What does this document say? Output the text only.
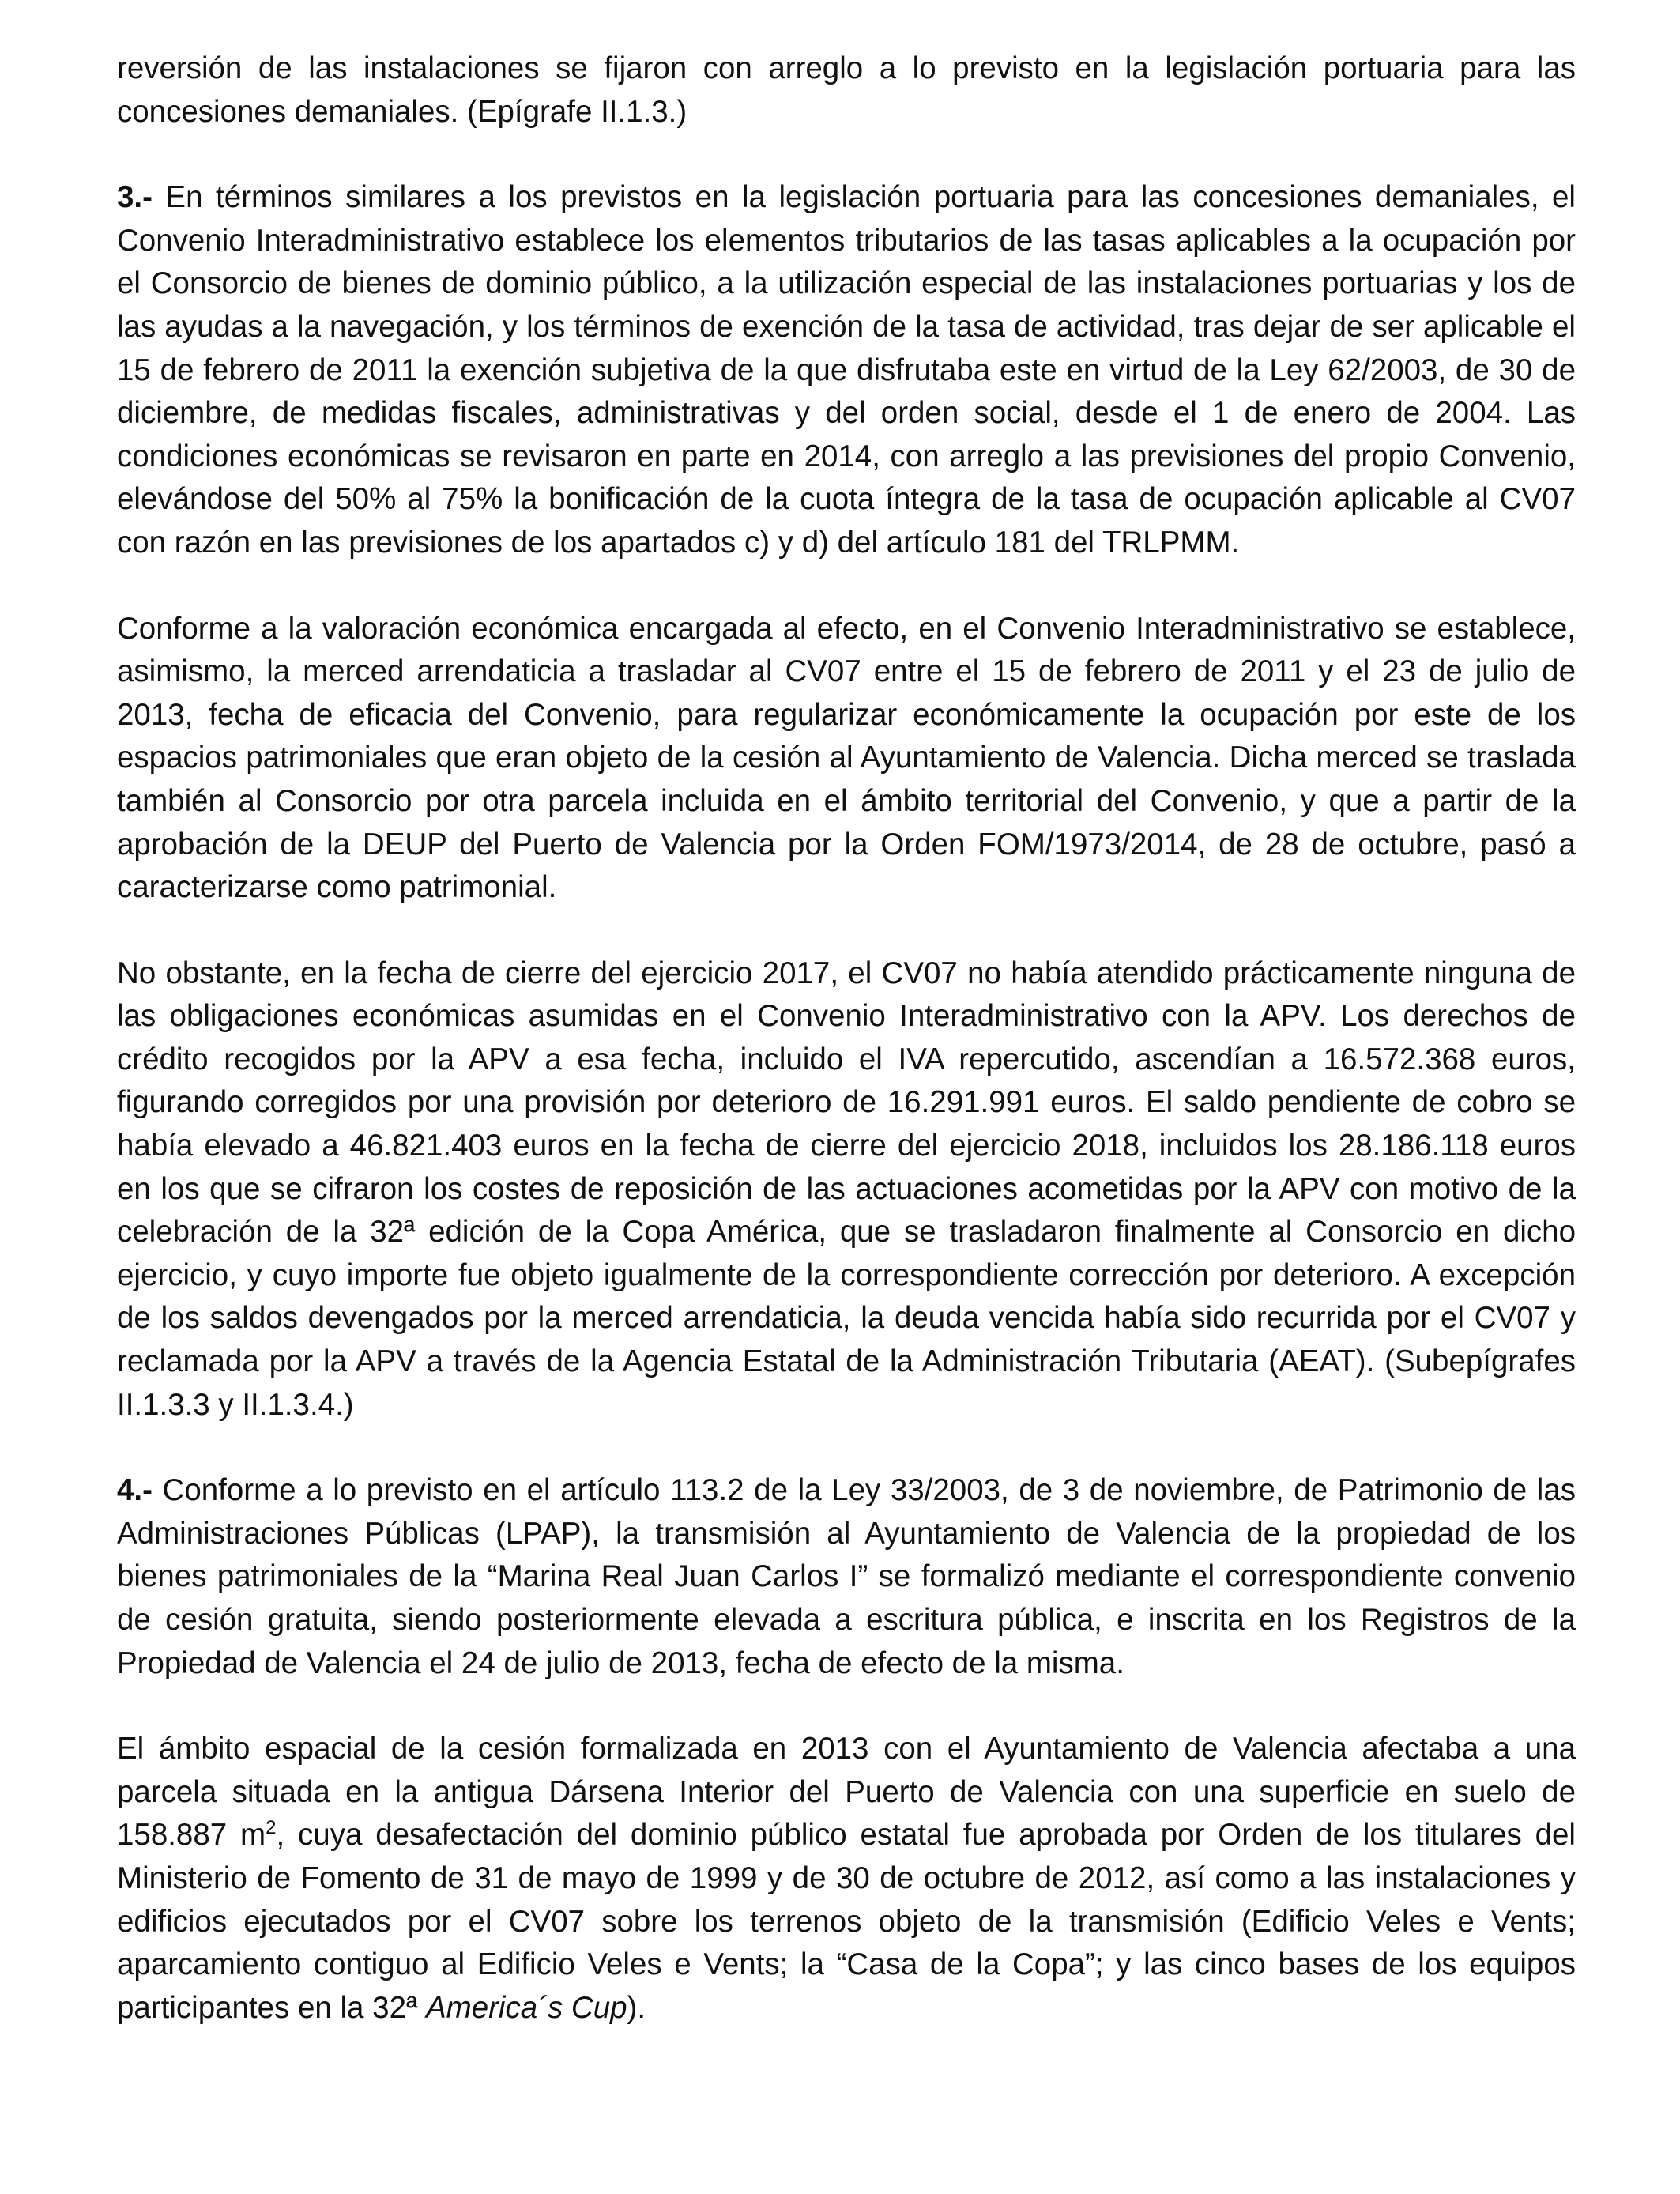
reversión de las instalaciones se fijaron con arreglo a lo previsto en la legislación portuaria para las concesiones demaniales. (Epígrafe II.1.3.)

3.- En términos similares a los previstos en la legislación portuaria para las concesiones demaniales, el Convenio Interadministrativo establece los elementos tributarios de las tasas aplicables a la ocupación por el Consorcio de bienes de dominio público, a la utilización especial de las instalaciones portuarias y los de las ayudas a la navegación, y los términos de exención de la tasa de actividad, tras dejar de ser aplicable el 15 de febrero de 2011 la exención subjetiva de la que disfrutaba este en virtud de la Ley 62/2003, de 30 de diciembre, de medidas fiscales, administrativas y del orden social, desde el 1 de enero de 2004. Las condiciones económicas se revisaron en parte en 2014, con arreglo a las previsiones del propio Convenio, elevándose del 50% al 75% la bonificación de la cuota íntegra de la tasa de ocupación aplicable al CV07 con razón en las previsiones de los apartados c) y d) del artículo 181 del TRLPMM.

Conforme a la valoración económica encargada al efecto, en el Convenio Interadministrativo se establece, asimismo, la merced arrendaticia a trasladar al CV07 entre el 15 de febrero de 2011 y el 23 de julio de 2013, fecha de eficacia del Convenio, para regularizar económicamente la ocupación por este de los espacios patrimoniales que eran objeto de la cesión al Ayuntamiento de Valencia. Dicha merced se traslada también al Consorcio por otra parcela incluida en el ámbito territorial del Convenio, y que a partir de la aprobación de la DEUP del Puerto de Valencia por la Orden FOM/1973/2014, de 28 de octubre, pasó a caracterizarse como patrimonial.

No obstante, en la fecha de cierre del ejercicio 2017, el CV07 no había atendido prácticamente ninguna de las obligaciones económicas asumidas en el Convenio Interadministrativo con la APV. Los derechos de crédito recogidos por la APV a esa fecha, incluido el IVA repercutido, ascendían a 16.572.368 euros, figurando corregidos por una provisión por deterioro de 16.291.991 euros. El saldo pendiente de cobro se había elevado a 46.821.403 euros en la fecha de cierre del ejercicio 2018, incluidos los 28.186.118 euros en los que se cifraron los costes de reposición de las actuaciones acometidas por la APV con motivo de la celebración de la 32ª edición de la Copa América, que se trasladaron finalmente al Consorcio en dicho ejercicio, y cuyo importe fue objeto igualmente de la correspondiente corrección por deterioro. A excepción de los saldos devengados por la merced arrendaticia, la deuda vencida había sido recurrida por el CV07 y reclamada por la APV a través de la Agencia Estatal de la Administración Tributaria (AEAT). (Subepígrafes II.1.3.3 y II.1.3.4.)

4.- Conforme a lo previsto en el artículo 113.2 de la Ley 33/2003, de 3 de noviembre, de Patrimonio de las Administraciones Públicas (LPAP), la transmisión al Ayuntamiento de Valencia de la propiedad de los bienes patrimoniales de la “Marina Real Juan Carlos I” se formalizó mediante el correspondiente convenio de cesión gratuita, siendo posteriormente elevada a escritura pública, e inscrita en los Registros de la Propiedad de Valencia el 24 de julio de 2013, fecha de efecto de la misma.

El ámbito espacial de la cesión formalizada en 2013 con el Ayuntamiento de Valencia afectaba a una parcela situada en la antigua Dársena Interior del Puerto de Valencia con una superficie en suelo de 158.887 $m^2$, cuya desafectación del dominio público estatal fue aprobada por Orden de los titulares del Ministerio de Fomento de 31 de mayo de 1999 y de 30 de octubre de 2012, así como a las instalaciones y edificios ejecutados por el CV07 sobre los terrenos objeto de la transmisión (Edificio Veles e Vents; aparcamiento contiguo al Edificio Veles e Vents; la “Casa de la Copa”; y las cinco bases de los equipos participantes en la 32ª America´s Cup).
